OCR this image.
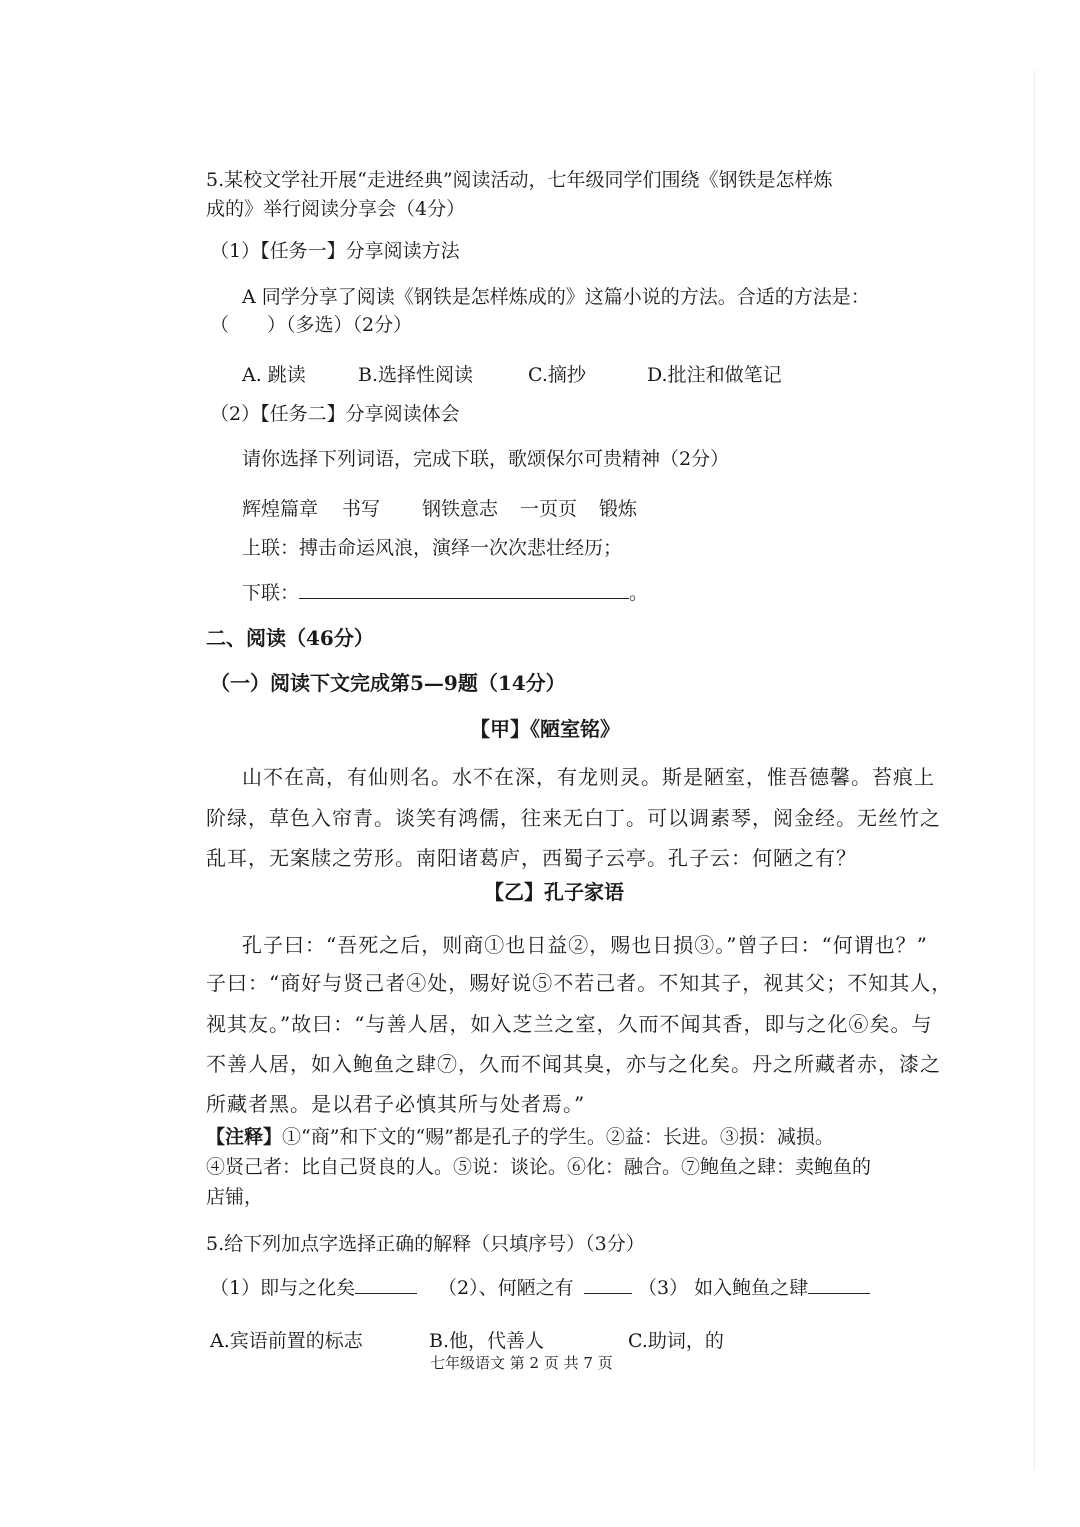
5.某校文学社开展“走进经典”阅读活动，七年级同学们围绕《钢铁是怎样炼
成的》举行阅读分享会（4分）
（1）【任务一】分享阅读方法
A 同学分享了阅读《钢铁是怎样炼成的》这篇小说的方法。合适的方法是：
（　　）（多选）（2分）
A. 跳读	B.选择性阅读	C.摘抄	D.批注和做笔记
（2）【任务二】分享阅读体会
请你选择下列词语，完成下联，歌颂保尔可贵精神（2分）
辉煌篇章 书写 钢铁意志 一页页 锻炼
上联：搏击命运风浪，演绎一次次悲壮经历；
下联：	。
二、阅读（46分）
（一）阅读下文完成第5—9题（14分）
【甲】《陋室铭》
山不在高，有仙则名。水不在深，有龙则灵。斯是陋室，惟吾德馨。苔痕上
阶绿，草色入帘青。谈笑有鸿儒，往来无白丁。可以调素琴，阅金经。无丝竹之
乱耳，无案牍之劳形。南阳诸葛庐，西蜀子云亭。孔子云：何陋之有？
【乙】孔子家语
孔子曰：“吾死之后，则商①也日益②，赐也日损③。”曾子曰：“何谓也？”
子曰：“商好与贤己者④处，赐好说⑤不若己者。不知其子，视其父；不知其人，
视其友。”故曰：“与善人居，如入芝兰之室，久而不闻其香，即与之化⑥矣。与
不善人居，如入鲍鱼之肆⑦，久而不闻其臭，亦与之化矣。丹之所藏者赤，漆之
所藏者黑。是以君子必慎其所与处者焉。”
【注释】①“商”和下文的“赐”都是孔子的学生。②益：长进。③损：减损。
④贤己者：比自己贤良的人。⑤说：谈论。⑥化：融合。⑦鲍鱼之肆：卖鲍鱼的
店铺，
5.给下列加点字选择正确的解释（只填序号）（3分）
（1）即与之化矣	（2）、何陋之有	（3） 如入鲍鱼之肆
A.宾语前置的标志	B.他，代善人	C.助词，的
七年级语文 第 2 页 共 7 页
